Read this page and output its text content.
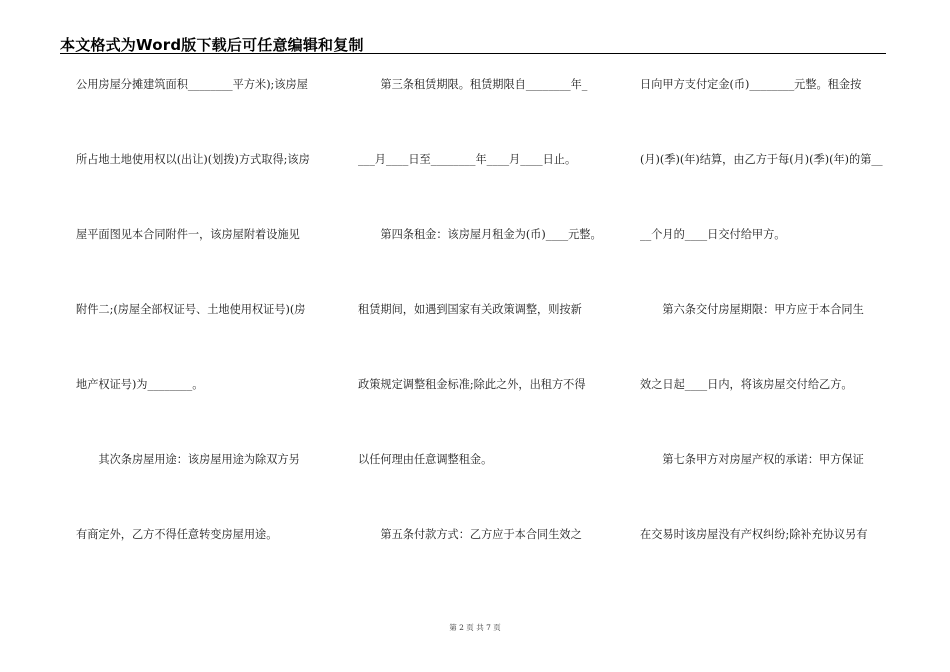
本文格式为Word版下载后可任意编辑和复制

公用房屋分摊建筑面积________平方米);该房屋

所占地土地使用权以(出让)(划拨)方式取得;该房

屋平面图见本合同附件一，该房屋附着设施见

附件二;(房屋全部权证号、土地使用权证号)(房

地产权证号)为________。

　　其次条房屋用途：该房屋用途为除双方另

有商定外，乙方不得任意转变房屋用途。

　　第三条租赁期限。租赁期限自________年_

___月____日至________年____月____日止。

　　第四条租金：该房屋月租金为(币)____元整。

租赁期间，如遇到国家有关政策调整，则按新

政策规定调整租金标准;除此之外，出租方不得

以任何理由任意调整租金。

　　第五条付款方式：乙方应于本合同生效之

日向甲方支付定金(币)________元整。租金按

(月)(季)(年)结算，由乙方于每(月)(季)(年)的第__

__个月的____日交付给甲方。

　　第六条交付房屋期限：甲方应于本合同生

效之日起____日内，将该房屋交付给乙方。

　　第七条甲方对房屋产权的承诺：甲方保证

在交易时该房屋没有产权纠纷;除补充协议另有

第 2 页 共 7 页
